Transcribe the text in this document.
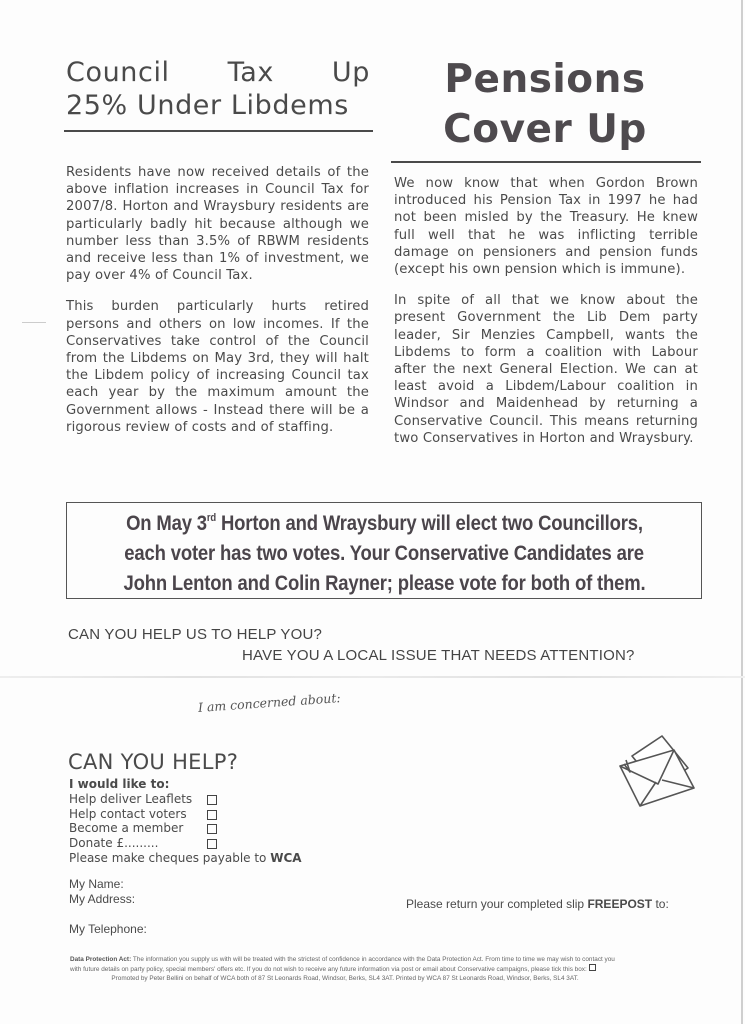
Council Tax Up
25% Under Libdems

Residents have now received details of the above inflation increases in Council Tax for 2007/8. Horton and Wraysbury residents are particularly badly hit because although we number less than 3.5% of RBWM residents and receive less than 1% of investment, we pay over 4% of Council Tax.

This burden particularly hurts retired persons and others on low incomes. If the Conservatives take control of the Council from the Libdems on May 3rd, they will halt the Libdem policy of increasing Council tax each year by the maximum amount the Government allows - Instead there will be a rigorous review of costs and of staffing.

Pensions
Cover Up

We now know that when Gordon Brown introduced his Pension Tax in 1997 he had not been misled by the Treasury. He knew full well that he was inflicting terrible damage on pensioners and pension funds (except his own pension which is immune).

In spite of all that we know about the present Government the Lib Dem party leader, Sir Menzies Campbell, wants the Libdems to form a coalition with Labour after the next General Election. We can at least avoid a Libdem/Labour coalition in Windsor and Maidenhead by returning a Conservative Council. This means returning two Conservatives in Horton and Wraysbury.

On May 3rd Horton and Wraysbury will elect two Councillors,
each voter has two votes. Your Conservative Candidates are
John Lenton and Colin Rayner; please vote for both of them.
CAN YOU HELP US TO HELP YOU?
HAVE YOU A LOCAL ISSUE THAT NEEDS ATTENTION?
I am concerned about:
CAN YOU HELP?
I would like to:
Help deliver Leaflets
Help contact voters
Become a member
Donate £.........
Please make cheques payable to WCA
My Name:
My Address:
My Telephone:
Please return your completed slip FREEPOST to:
Data Protection Act: The information you supply us with will be treated with the strictest of confidence in accordance with the Data Protection Act. From time to time we may wish to contact you
with future details on party policy, special members' offers etc. If you do not wish to receive any future information via post or email about Conservative campaigns, please tick this box:
Promoted by Peter Bellini on behalf of WCA both of 87 St Leonards Road, Windsor, Berks, SL4 3AT. Printed by WCA 87 St Leonards Road, Windsor, Berks, SL4 3AT.
